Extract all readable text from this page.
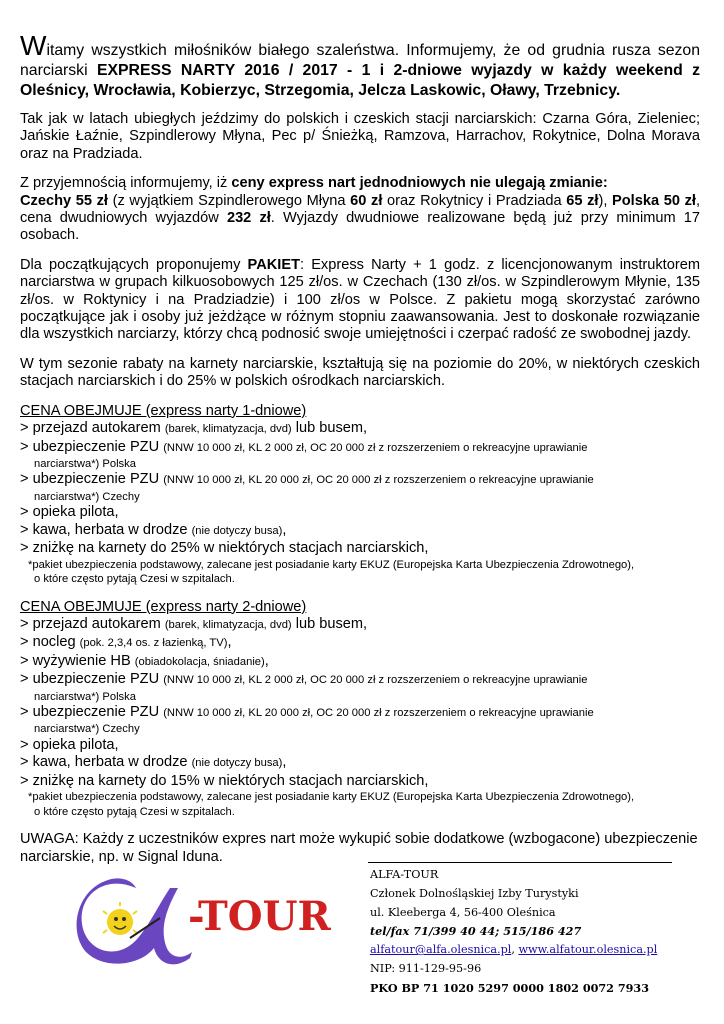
Witamy wszystkich miłośników białego szaleństwa. Informujemy, że od grudnia rusza sezon narciarski EXPRESS NARTY 2016 / 2017 - 1 i 2-dniowe wyjazdy w każdy weekend z Oleśnicy, Wrocławia, Kobierzyc, Strzegomia, Jelcza Laskowic, Oławy, Trzebnicy.

Tak jak w latach ubiegłych jeździmy do polskich i czeskich stacji narciarskich: Czarna Góra, Zieleniec; Jańskie Łaźnie, Szpindlerowy Młyna, Pec p/ Śnieżką, Ramzova, Harrachov, Rokytnice, Dolna Morava oraz na Pradziada.

Z przyjemnością informujemy, iż ceny express nart jednodniowych nie ulegają zmianie:
Czechy 55 zł (z wyjątkiem Szpindlerowego Młyna 60 zł oraz Rokytnicy i Pradziada 65 zł), Polska 50 zł, cena dwudniowych wyjazdów 232 zł. Wyjazdy dwudniowe realizowane będą już przy minimum 17 osobach.

Dla początkujących proponujemy PAKIET: Express Narty + 1 godz. z licencjonowanym instruktorem narciarstwa w grupach kilkuosobowych 125 zł/os. w Czechach (130 zł/os. w Szpindlerowym Młynie, 135 zł/os. w Roktynicy i na Pradziadzie) i 100 zł/os w Polsce. Z pakietu mogą skorzystać zarówno początkujące jak i osoby już jeżdżące w różnym stopniu zaawansowania. Jest to doskonałe rozwiązanie dla wszystkich narciarzy, którzy chcą podnosić swoje umiejętności i czerpać radość ze swobodnej jazdy.

W tym sezonie rabaty na karnety narciarskie, kształtują się na poziomie do 20%, w niektórych czeskich stacjach narciarskich i do 25% w polskich ośrodkach narciarskich.

CENA OBEJMUJE (express narty 1-dniowe)

> przejazd autokarem (barek, klimatyzacja, dvd) lub busem,
> ubezpieczenie PZU (NNW 10 000 zł, KL 2 000 zł, OC 20 000 zł z rozszerzeniem o rekreacyjne uprawianie
narciarstwa*) Polska
> ubezpieczenie PZU (NNW 10 000 zł, KL 20 000 zł, OC 20 000 zł z rozszerzeniem o rekreacyjne uprawianie
narciarstwa*) Czechy
> opieka pilota,
> kawa, herbata w drodze (nie dotyczy busa),
> zniżkę na karnety do 25% w niektórych stacjach narciarskich,
*pakiet ubezpieczenia podstawowy, zalecane jest posiadanie karty EKUZ (Europejska Karta Ubezpieczenia Zdrowotnego),
o które często pytają Czesi w szpitalach.

CENA OBEJMUJE (express narty 2-dniowe)

> przejazd autokarem (barek, klimatyzacja, dvd) lub busem,
> nocleg (pok. 2,3,4 os. z łazienką, TV),
> wyżywienie HB (obiadokolacja, śniadanie),
> ubezpieczenie PZU (NNW 10 000 zł, KL 2 000 zł, OC 20 000 zł z rozszerzeniem o rekreacyjne uprawianie
narciarstwa*) Polska
> ubezpieczenie PZU (NNW 10 000 zł, KL 20 000 zł, OC 20 000 zł z rozszerzeniem o rekreacyjne uprawianie
narciarstwa*) Czechy
> opieka pilota,
> kawa, herbata w drodze (nie dotyczy busa),
> zniżkę na karnety do 15% w niektórych stacjach narciarskich,
*pakiet ubezpieczenia podstawowy, zalecane jest posiadanie karty EKUZ (Europejska Karta Ubezpieczenia Zdrowotnego),
o które często pytają Czesi w szpitalach.

UWAGA: Każdy z uczestników expres nart może wykupić sobie dodatkowe (wzbogacone) ubezpieczenie narciarskie, np. w Signal Iduna.

-TOUR
ALFA-TOUR
Członek Dolnośląskiej Izby Turystyki
ul. Kleeberga 4, 56-400 Oleśnica
tel/fax 71/399 40 44; 515/186 427
alfatour@alfa.olesnica.pl, www.alfatour.olesnica.pl
NIP: 911-129-95-96
PKO BP 71 1020 5297 0000 1802 0072 7933
